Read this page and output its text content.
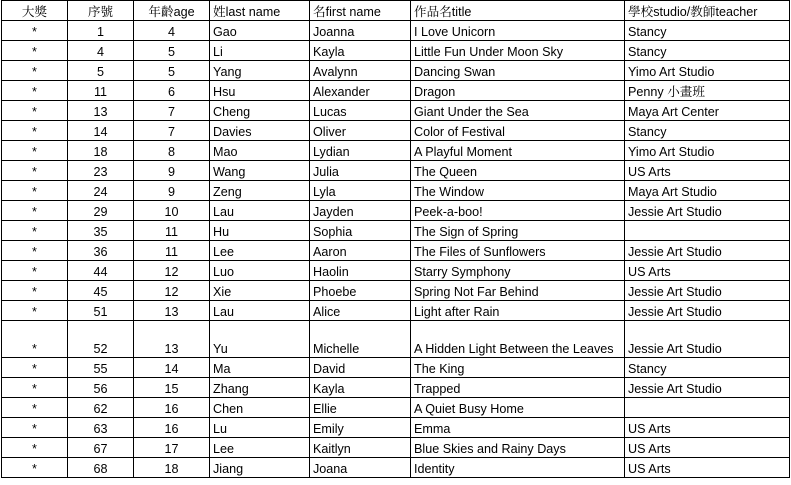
大獎	序號	年齡age	姓last name	名first name	作品名title	學校studio/教師teacher
*	1	4	Gao	Joanna	I Love Unicorn	Stancy
*	4	5	Li	Kayla	Little Fun Under Moon Sky	Stancy
*	5	5	Yang	Avalynn	Dancing Swan	Yimo Art Studio
*	11	6	Hsu	Alexander	Dragon	Penny 小畫班
*	13	7	Cheng	Lucas	Giant Under the Sea	Maya Art Center
*	14	7	Davies	Oliver	Color of Festival	Stancy
*	18	8	Mao	Lydian	A Playful Moment	Yimo Art Studio
*	23	9	Wang	Julia	The Queen	US Arts
*	24	9	Zeng	Lyla	The Window	Maya Art Studio
*	29	10	Lau	Jayden	Peek-a-boo!	Jessie Art Studio
*	35	11	Hu	Sophia	The Sign of Spring	
*	36	11	Lee	Aaron	The Files of Sunflowers	Jessie Art Studio
*	44	12	Luo	Haolin	Starry Symphony	US Arts
*	45	12	Xie	Phoebe	Spring Not Far Behind	Jessie Art Studio
*	51	13	Lau	Alice	Light after Rain	Jessie Art Studio
*	52	13	Yu	Michelle	A Hidden Light Between the Leaves	Jessie Art Studio
*	55	14	Ma	David	The King	Stancy
*	56	15	Zhang	Kayla	Trapped	Jessie Art Studio
*	62	16	Chen	Ellie	A Quiet Busy Home	
*	63	16	Lu	Emily	Emma	US Arts
*	67	17	Lee	Kaitlyn	Blue Skies and Rainy Days	US Arts
*	68	18	Jiang	Joana	Identity	US Arts
